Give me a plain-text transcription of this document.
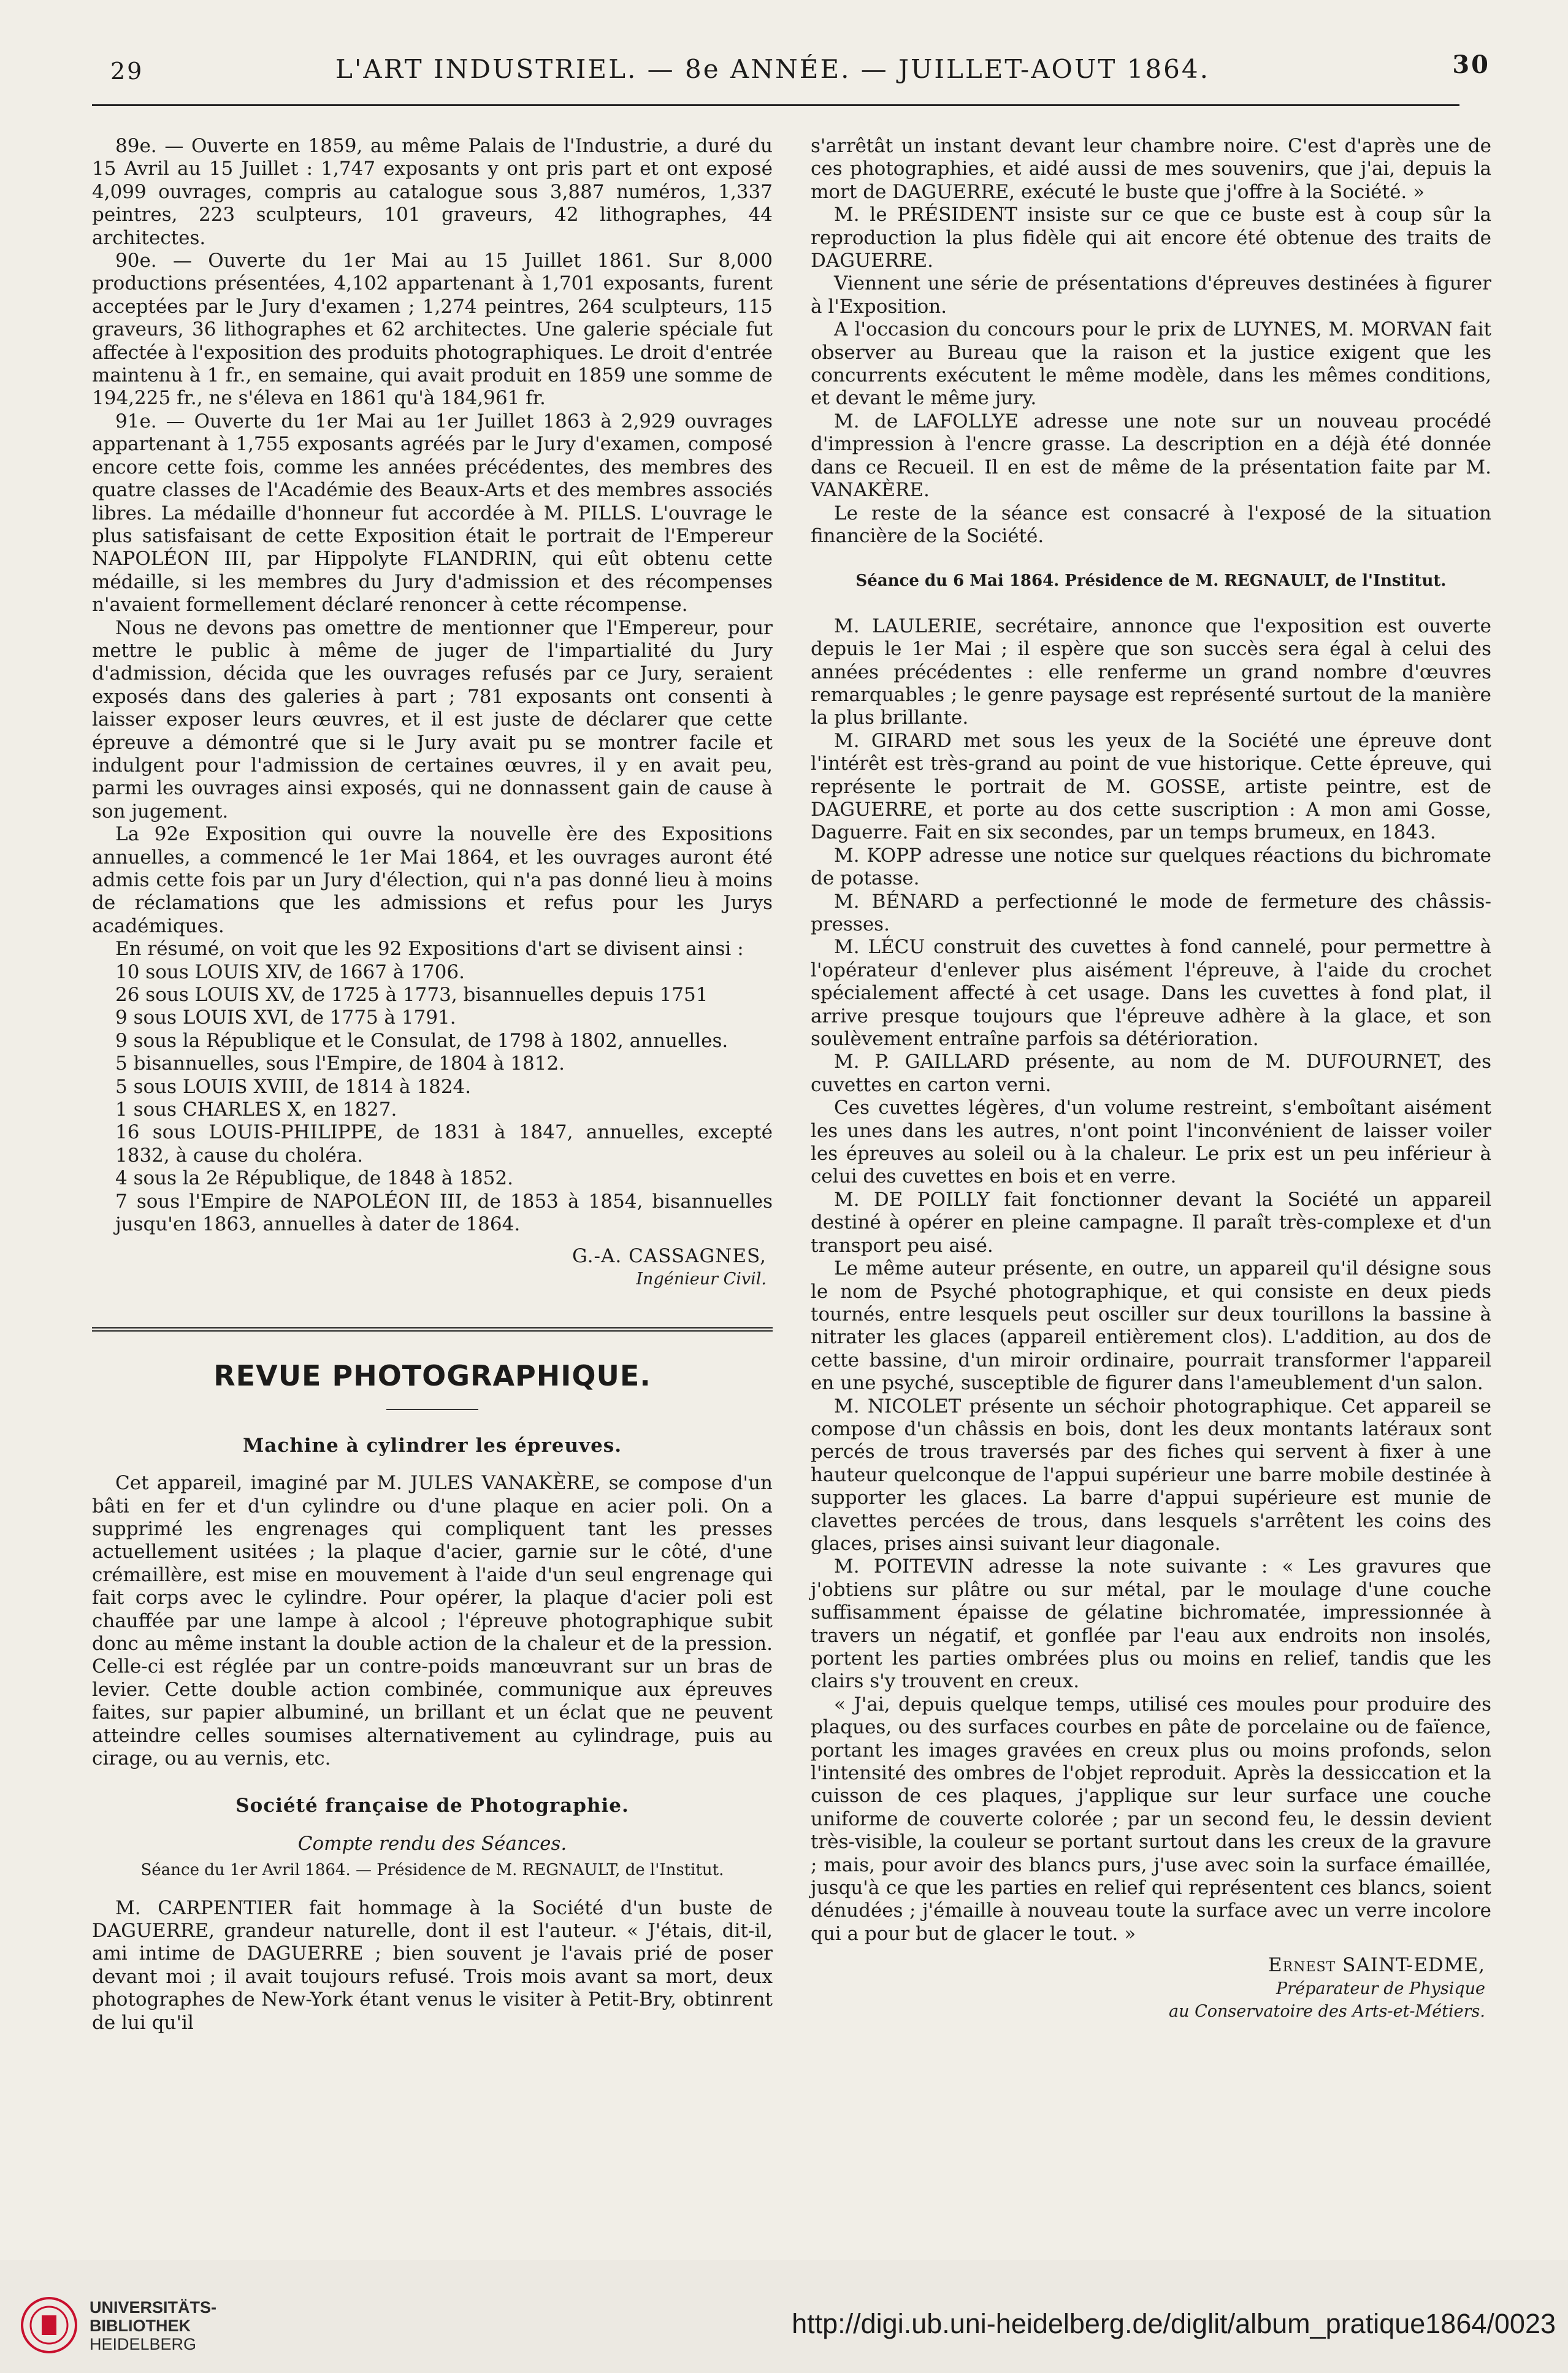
29	L'ART INDUSTRIEL. — 8e ANNÉE. — JUILLET-AOUT 1864.	30

89e. — Ouverte en 1859, au même Palais de l'Industrie, a duré du 15 Avril au 15 Juillet : 1,747 exposants y ont pris part et ont exposé 4,099 ouvrages, compris au catalogue sous 3,887 numéros, 1,337 peintres, 223 sculpteurs, 101 graveurs, 42 lithographes, 44 architectes.

90e. — Ouverte du 1er Mai au 15 Juillet 1861. Sur 8,000 productions présentées, 4,102 appartenant à 1,701 exposants, furent acceptées par le Jury d'examen ; 1,274 peintres, 264 sculpteurs, 115 graveurs, 36 lithographes et 62 architectes. Une galerie spéciale fut affectée à l'exposition des produits photographiques. Le droit d'entrée maintenu à 1 fr., en semaine, qui avait produit en 1859 une somme de 194,225 fr., ne s'éleva en 1861 qu'à 184,961 fr.

91e. — Ouverte du 1er Mai au 1er Juillet 1863 à 2,929 ouvrages appartenant à 1,755 exposants agréés par le Jury d'examen, composé encore cette fois, comme les années précédentes, des membres des quatre classes de l'Académie des Beaux-Arts et des membres associés libres. La médaille d'honneur fut accordée à M. PILLS. L'ouvrage le plus satisfaisant de cette Exposition était le portrait de l'Empereur NAPOLÉON III, par Hippolyte FLANDRIN, qui eût obtenu cette médaille, si les membres du Jury d'admission et des récompenses n'avaient formellement déclaré renoncer à cette récompense.

Nous ne devons pas omettre de mentionner que l'Empereur, pour mettre le public à même de juger de l'impartialité du Jury d'admission, décida que les ouvrages refusés par ce Jury, seraient exposés dans des galeries à part ; 781 exposants ont consenti à laisser exposer leurs œuvres, et il est juste de déclarer que cette épreuve a démontré que si le Jury avait pu se montrer facile et indulgent pour l'admission de certaines œuvres, il y en avait peu, parmi les ouvrages ainsi exposés, qui ne donnassent gain de cause à son jugement.

La 92e Exposition qui ouvre la nouvelle ère des Expositions annuelles, a commencé le 1er Mai 1864, et les ouvrages auront été admis cette fois par un Jury d'élection, qui n'a pas donné lieu à moins de réclamations que les admissions et refus pour les Jurys académiques.

En résumé, on voit que les 92 Expositions d'art se divisent ainsi :

10 sous LOUIS XIV, de 1667 à 1706.

26 sous LOUIS XV, de 1725 à 1773, bisannuelles depuis 1751

9 sous LOUIS XVI, de 1775 à 1791.

9 sous la République et le Consulat, de 1798 à 1802, annuelles.

5 bisannuelles, sous l'Empire, de 1804 à 1812.

5 sous LOUIS XVIII, de 1814 à 1824.

1 sous CHARLES X, en 1827.

16 sous LOUIS-PHILIPPE, de 1831 à 1847, annuelles, excepté 1832, à cause du choléra.

4 sous la 2e République, de 1848 à 1852.

7 sous l'Empire de NAPOLÉON III, de 1853 à 1854, bisannuelles jusqu'en 1863, annuelles à dater de 1864.

G.-A. CASSAGNES,
Ingénieur Civil.
REVUE PHOTOGRAPHIQUE.
Machine à cylindrer les épreuves.

Cet appareil, imaginé par M. JULES VANAKÈRE, se compose d'un bâti en fer et d'un cylindre ou d'une plaque en acier poli. On a supprimé les engrenages qui compliquent tant les presses actuellement usitées ; la plaque d'acier, garnie sur le côté, d'une crémaillère, est mise en mouvement à l'aide d'un seul engrenage qui fait corps avec le cylindre. Pour opérer, la plaque d'acier poli est chauffée par une lampe à alcool ; l'épreuve photographique subit donc au même instant la double action de la chaleur et de la pression. Celle-ci est réglée par un contre-poids manœuvrant sur un bras de levier. Cette double action combinée, communique aux épreuves faites, sur papier albuminé, un brillant et un éclat que ne peuvent atteindre celles soumises alternativement au cylindrage, puis au cirage, ou au vernis, etc.

Société française de Photographie.
Compte rendu des Séances.
Séance du 1er Avril 1864. — Présidence de M. REGNAULT, de l'Institut.

M. CARPENTIER fait hommage à la Société d'un buste de DAGUERRE, grandeur naturelle, dont il est l'auteur. « J'étais, dit-il, ami intime de DAGUERRE ; bien souvent je l'avais prié de poser devant moi ; il avait toujours refusé. Trois mois avant sa mort, deux photographes de New-York étant venus le visiter à Petit-Bry, obtinrent de lui qu'il

s'arrêtât un instant devant leur chambre noire. C'est d'après une de ces photographies, et aidé aussi de mes souvenirs, que j'ai, depuis la mort de DAGUERRE, exécuté le buste que j'offre à la Société. »

M. le PRÉSIDENT insiste sur ce que ce buste est à coup sûr la reproduction la plus fidèle qui ait encore été obtenue des traits de DAGUERRE.

Viennent une série de présentations d'épreuves destinées à figurer à l'Exposition.

A l'occasion du concours pour le prix de LUYNES, M. MORVAN fait observer au Bureau que la raison et la justice exigent que les concurrents exécutent le même modèle, dans les mêmes conditions, et devant le même jury.

M. de LAFOLLYE adresse une note sur un nouveau procédé d'impression à l'encre grasse. La description en a déjà été donnée dans ce Recueil. Il en est de même de la présentation faite par M. VANAKÈRE.

Le reste de la séance est consacré à l'exposé de la situation financière de la Société.

Séance du 6 Mai 1864. Présidence de M. REGNAULT, de l'Institut.

M. LAULERIE, secrétaire, annonce que l'exposition est ouverte depuis le 1er Mai ; il espère que son succès sera égal à celui des années précédentes : elle renferme un grand nombre d'œuvres remarquables ; le genre paysage est représenté surtout de la manière la plus brillante.

M. GIRARD met sous les yeux de la Société une épreuve dont l'intérêt est très-grand au point de vue historique. Cette épreuve, qui représente le portrait de M. GOSSE, artiste peintre, est de DAGUERRE, et porte au dos cette suscription : A mon ami Gosse, Daguerre. Fait en six secondes, par un temps brumeux, en 1843.

M. KOPP adresse une notice sur quelques réactions du bichromate de potasse.

M. BÉNARD a perfectionné le mode de fermeture des châssis-presses.

M. LÉCU construit des cuvettes à fond cannelé, pour permettre à l'opérateur d'enlever plus aisément l'épreuve, à l'aide du crochet spécialement affecté à cet usage. Dans les cuvettes à fond plat, il arrive presque toujours que l'épreuve adhère à la glace, et son soulèvement entraîne parfois sa détérioration.

M. P. GAILLARD présente, au nom de M. DUFOURNET, des cuvettes en carton verni.

Ces cuvettes légères, d'un volume restreint, s'emboîtant aisément les unes dans les autres, n'ont point l'inconvénient de laisser voiler les épreuves au soleil ou à la chaleur. Le prix est un peu inférieur à celui des cuvettes en bois et en verre.

M. DE POILLY fait fonctionner devant la Société un appareil destiné à opérer en pleine campagne. Il paraît très-complexe et d'un transport peu aisé.

Le même auteur présente, en outre, un appareil qu'il désigne sous le nom de Psyché photographique, et qui consiste en deux pieds tournés, entre lesquels peut osciller sur deux tourillons la bassine à nitrater les glaces (appareil entièrement clos). L'addition, au dos de cette bassine, d'un miroir ordinaire, pourrait transformer l'appareil en une psyché, susceptible de figurer dans l'ameublement d'un salon.

M. NICOLET présente un séchoir photographique. Cet appareil se compose d'un châssis en bois, dont les deux montants latéraux sont percés de trous traversés par des fiches qui servent à fixer à une hauteur quelconque de l'appui supérieur une barre mobile destinée à supporter les glaces. La barre d'appui supérieure est munie de clavettes percées de trous, dans lesquels s'arrêtent les coins des glaces, prises ainsi suivant leur diagonale.

M. POITEVIN adresse la note suivante : « Les gravures que j'obtiens sur plâtre ou sur métal, par le moulage d'une couche suffisamment épaisse de gélatine bichromatée, impressionnée à travers un négatif, et gonflée par l'eau aux endroits non insolés, portent les parties ombrées plus ou moins en relief, tandis que les clairs s'y trouvent en creux.

« J'ai, depuis quelque temps, utilisé ces moules pour produire des plaques, ou des surfaces courbes en pâte de porcelaine ou de faïence, portant les images gravées en creux plus ou moins profonds, selon l'intensité des ombres de l'objet reproduit. Après la dessiccation et la cuisson de ces plaques, j'applique sur leur surface une couche uniforme de couverte colorée ; par un second feu, le dessin devient très-visible, la couleur se portant surtout dans les creux de la gravure ; mais, pour avoir des blancs purs, j'use avec soin la surface émaillée, jusqu'à ce que les parties en relief qui représentent ces blancs, soient dénudées ; j'émaille à nouveau toute la surface avec un verre incolore qui a pour but de glacer le tout. »

Ernest SAINT-EDME,
Préparateur de Physique
au Conservatoire des Arts-et-Métiers.
UNIVERSITÄTS-
BIBLIOTHEK
HEIDELBERG
http://digi.ub.uni-heidelberg.de/diglit/album_pratique1864/0023
